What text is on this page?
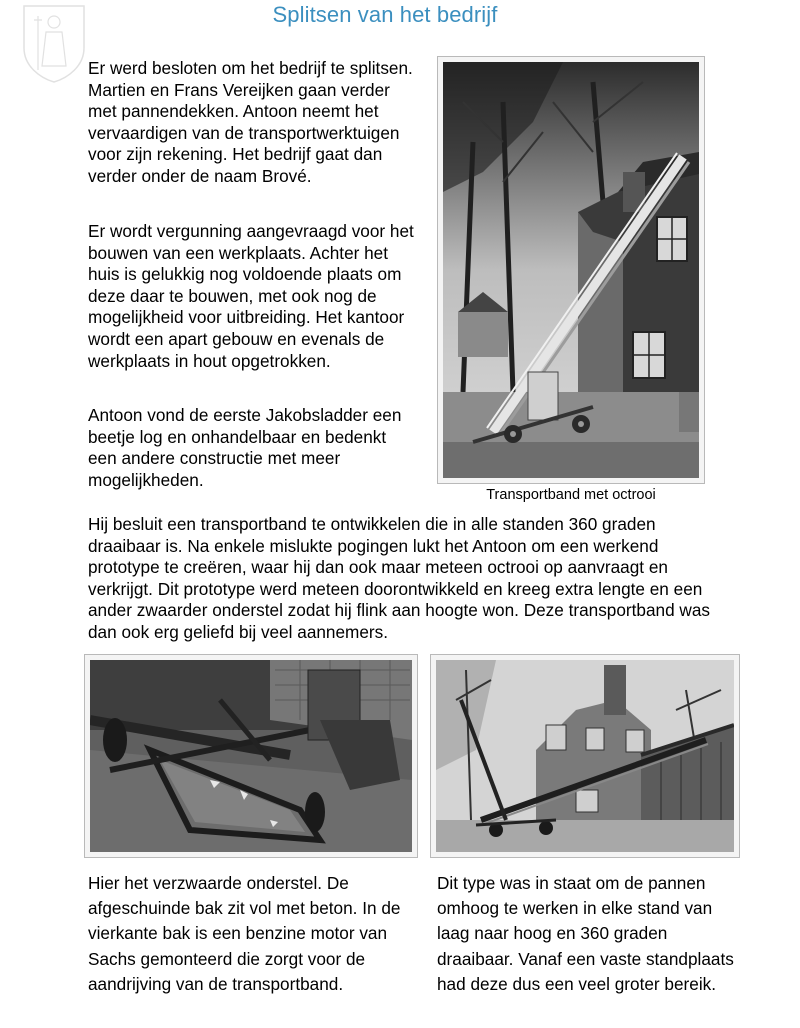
Splitsen van het bedrijf

Er werd besloten om het bedrijf te splitsen. Martien en Frans Vereijken gaan verder met pannendekken. Antoon neemt het vervaardigen van de transportwerktuigen voor zijn rekening. Het bedrijf gaat dan verder onder de naam Brové.

Er wordt vergunning aangevraagd voor het bouwen van een werkplaats. Achter het huis is gelukkig nog voldoende plaats om deze daar te bouwen, met ook nog de mogelijkheid voor uitbreiding. Het kantoor wordt een apart gebouw en evenals de werkplaats in hout opgetrokken.

Antoon vond de eerste Jakobsladder een beetje log en onhandelbaar en bedenkt een andere constructie met meer mogelijkheden.

Transportband met octrooi

Hij besluit een transportband te ontwikkelen die in alle standen 360 graden draaibaar is. Na enkele mislukte pogingen lukt het Antoon om een werkend prototype te creëren, waar hij dan ook maar meteen octrooi op aanvraagt en verkrijgt. Dit prototype werd meteen doorontwikkeld en kreeg extra lengte en een ander zwaarder onderstel zodat hij flink aan hoogte won. Deze transportband was dan ook erg geliefd bij veel aannemers.

Hier het verzwaarde onderstel. De afgeschuinde bak zit vol met beton. In de vierkante bak is een benzine motor van Sachs gemonteerd die zorgt voor de aandrijving van de transportband.

Dit type was in staat om de pannen omhoog te werken in elke stand van laag naar hoog en 360 graden draaibaar. Vanaf een vaste standplaats had deze dus een veel groter bereik.
